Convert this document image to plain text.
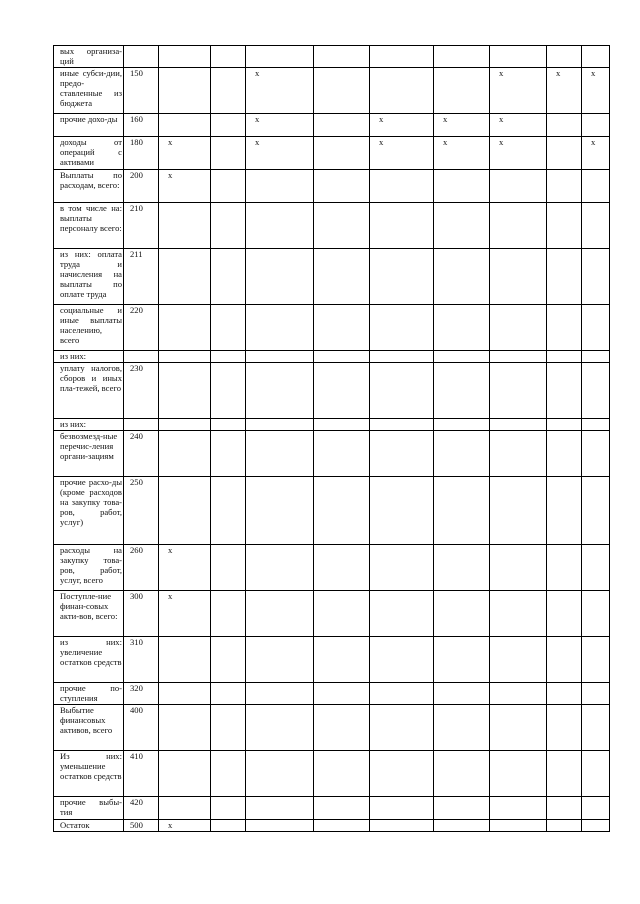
вых организа-ций										
иные субси-дии, предо-ставленные из бюджета	150			x				x	x	x
прочие дохо-ды	160			x		x	x	x		
доходы от операций с активами	180	x		x		x	x	x		x
Выплаты по расходам, всего:	200	x								
в том числе на: выплаты персоналу всего:	210									
из них: оплата труда и начисления на выплаты по оплате труда	211									
социальные и иные выплаты населению, всего	220									
из них:										
уплату налогов, сборов и иных пла-тежей, всего	230									
из них:										
безвозмезд-ные перечис-ления органи-зациям	240									
прочие расхо-ды (кроме расходов на закупку това-ров, работ, услуг)	250									
расходы на закупку това-ров, работ, услуг, всего	260	x								
Поступле-ние финан-совых акти-вов, всего:	300	x								
из них: увеличение остатков средств	310									
прочие по-ступления	320									
Выбытие финансовых активов, всего	400									
Из них: уменьшение остатков средств	410									
прочие выбы-тия	420									
Остаток	500	x								
